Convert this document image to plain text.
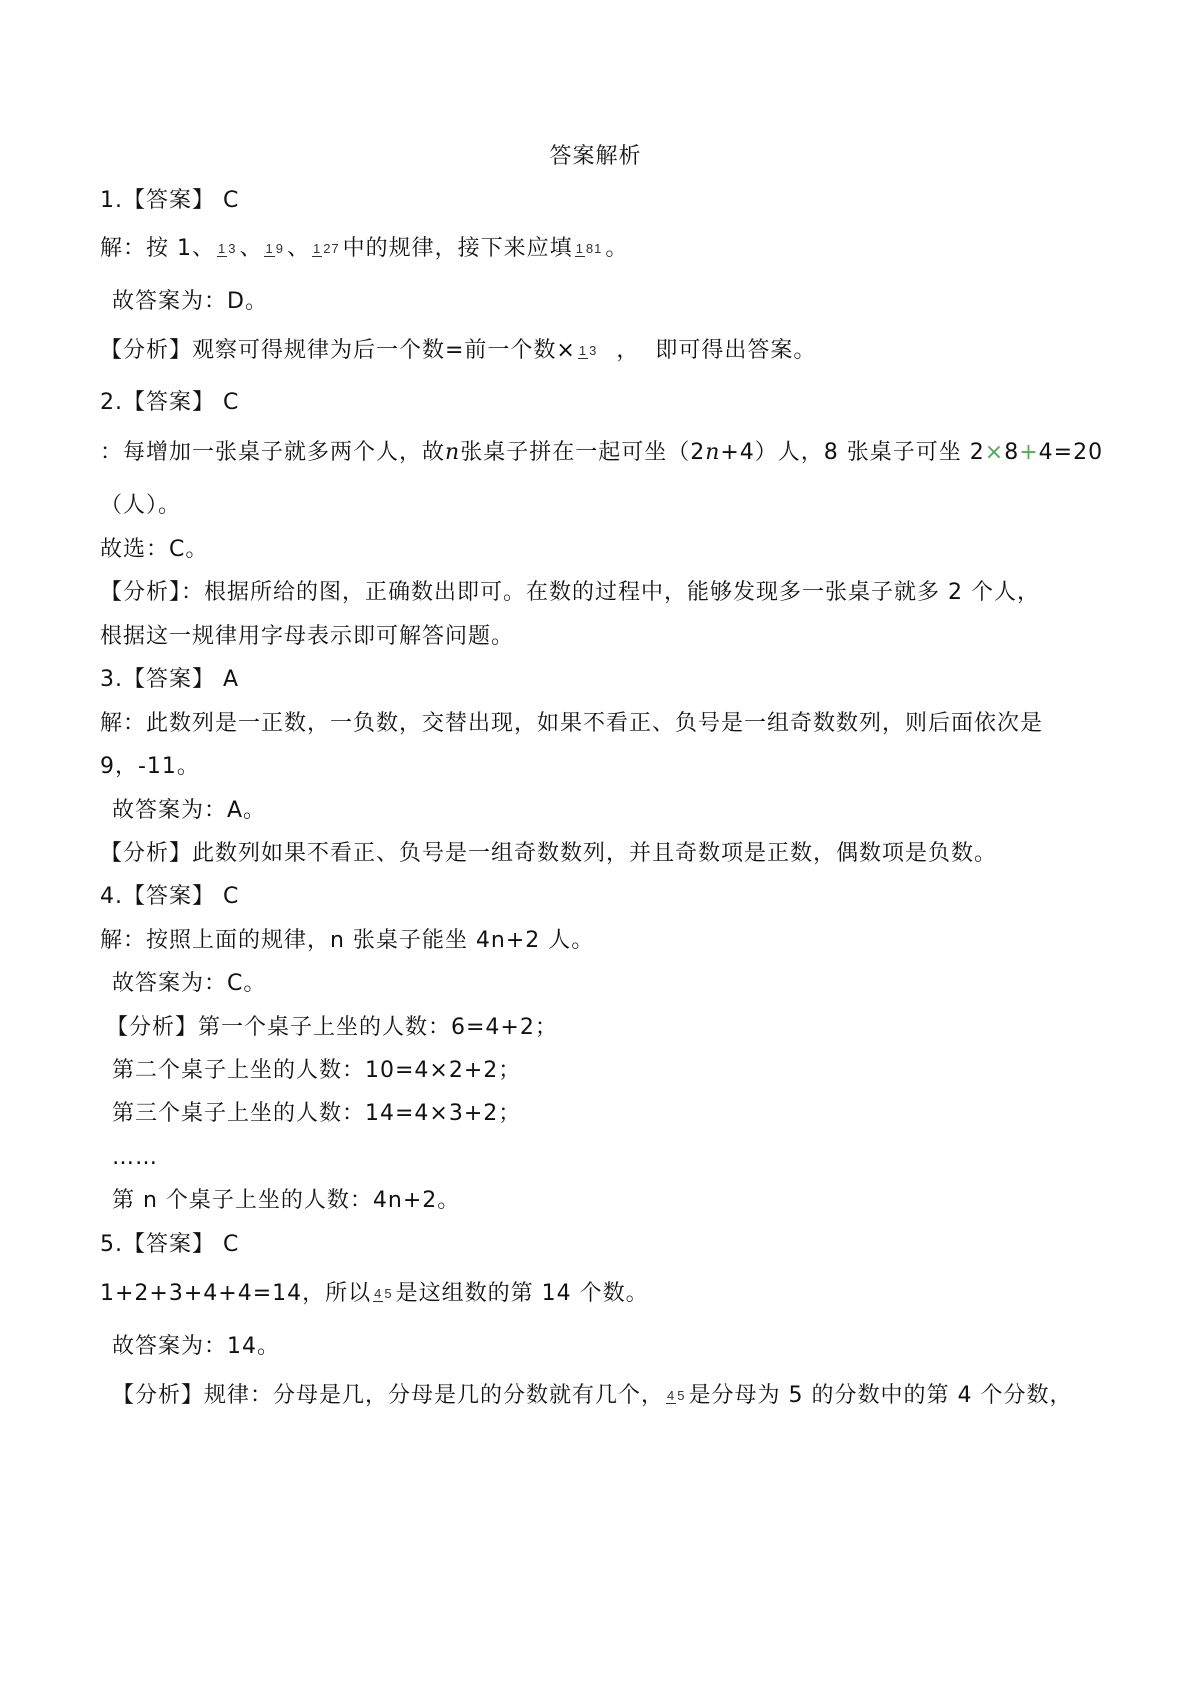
答案解析
1.【答案】 C
解：按 1、 1 3 、 1 9 、 1 27 中的规律，接下来应填 1 81 。
故答案为：D。
【分析】观察可得规律为后一个数=前一个数× 1 3  ，  即可得出答案。
2.【答案】 C
：每增加一张桌子就多两个人，故n张桌子拼在一起可坐（2n+4）人，8 张桌子可坐 2×8+4=20
（人）。
故选：C。
【分析】：根据所给的图，正确数出即可。在数的过程中，能够发现多一张桌子就多 2 个人，
根据这一规律用字母表示即可解答问题。
3.【答案】 A
解：此数列是一正数，一负数，交替出现，如果不看正、负号是一组奇数数列，则后面依次是
9，-11。
故答案为：A。
【分析】此数列如果不看正、负号是一组奇数数列，并且奇数项是正数，偶数项是负数。
4.【答案】 C
解：按照上面的规律，n 张桌子能坐 4n+2 人。
故答案为：C。
【分析】第一个桌子上坐的人数：6=4+2；
第二个桌子上坐的人数：10=4×2+2；
第三个桌子上坐的人数：14=4×3+2；
……
第 n 个桌子上坐的人数：4n+2。
5.【答案】 C
1+2+3+4+4=14，所以 4 5 是这组数的第 14 个数。
故答案为：14。
【分析】规律：分母是几，分母是几的分数就有几个， 4 5 是分母为 5 的分数中的第 4 个分数，
